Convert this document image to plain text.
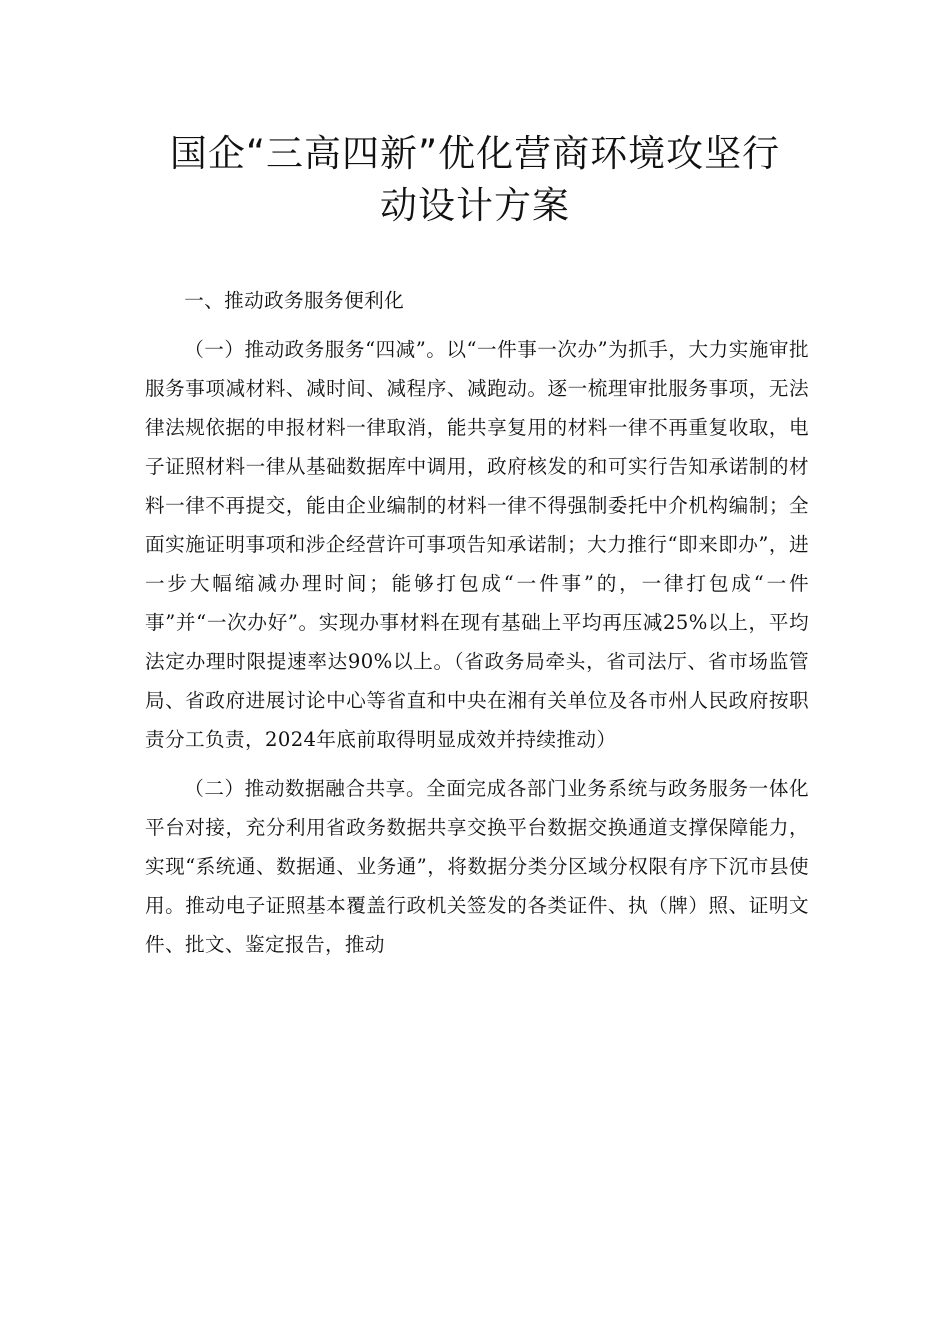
国企“三高四新”优化营商环境攻坚行
动设计方案

一、推动政务服务便利化

（一）推动政务服务“四减”。以“一件事一次办”为抓手，大力实施审批服务事项减材料、减时间、减程序、减跑动。逐一梳理审批服务事项，无法律法规依据的申报材料一律取消，能共享复用的材料一律不再重复收取，电子证照材料一律从基础数据库中调用，政府核发的和可实行告知承诺制的材料一律不再提交，能由企业编制的材料一律不得强制委托中介机构编制；全面实施证明事项和涉企经营许可事项告知承诺制；大力推行“即来即办”，进一步大幅缩减办理时间；能够打包成“一件事”的，一律打包成“一件事”并“一次办好”。实现办事材料在现有基础上平均再压减25%以上，平均法定办理时限提速率达90%以上。（省政务局牵头，省司法厅、省市场监管局、省政府进展讨论中心等省直和中央在湘有关单位及各市州人民政府按职责分工负责，2024年底前取得明显成效并持续推动）

（二）推动数据融合共享。全面完成各部门业务系统与政务服务一体化平台对接，充分利用省政务数据共享交换平台数据交换通道支撑保障能力，实现“系统通、数据通、业务通”，将数据分类分区域分权限有序下沉市县使用。推动电子证照基本覆盖行政机关签发的各类证件、执（牌）照、证明文件、批文、鉴定报告，推动
